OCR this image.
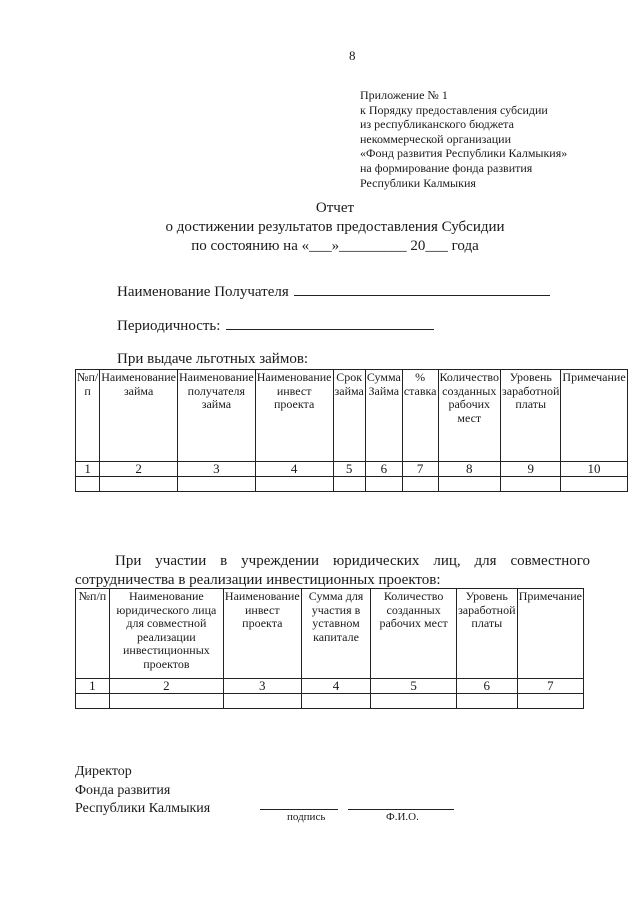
8
Приложение № 1
к Порядку предоставления субсидии
из республиканского бюджета
некоммерческой организации
«Фонд развития Республики Калмыкия»
на формирование фонда развития
Республики Калмыкия
Отчет
о достижении результатов предоставления Субсидии
по состоянию на «___»_________ 20___ года
Наименование Получателя
Периодичность:
При выдаче льготных займов:
№п/п	Наименование займа	Наименование получателя займа	Наименование инвест проекта	Срок займа	Сумма Займа	% ставка	Количество созданных рабочих мест	Уровень заработной платы	Примечание
1	2	3	4	5	6	7	8	9	10

При участии в учреждении юридических лиц, для совместного
сотрудничества в реализации инвестиционных проектов:
№п/п	Наименование юридического лица для совместной реализации инвестиционных проектов	Наименование инвест проекта	Сумма для участия в уставном капитале	Количество созданных рабочих мест	Уровень заработной платы	Примечание
1	2	3	4	5	6	7

Директор
Фонда развития
Республики Калмыкия
подпись	Ф.И.О.
